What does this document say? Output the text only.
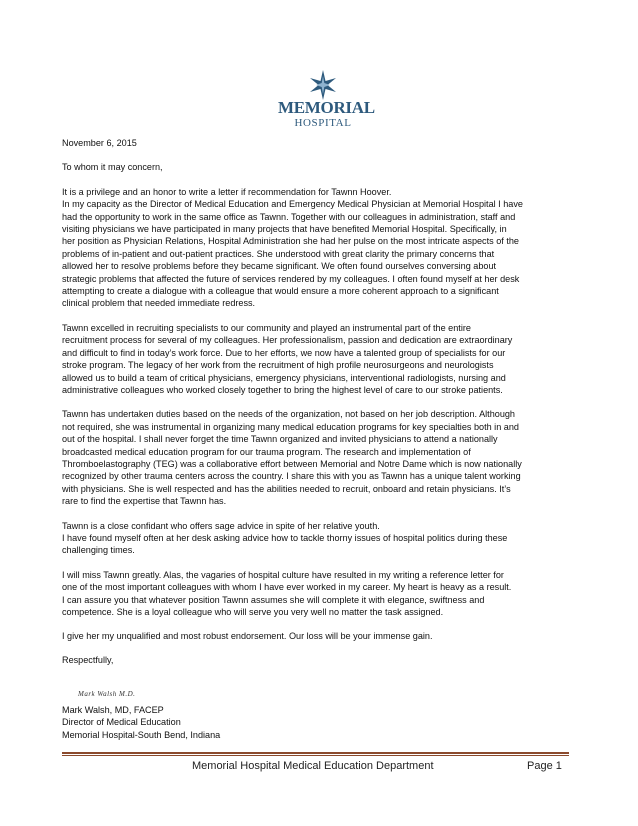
MEMORIAL
HOSPITAL
November 6, 2015
To whom it may concern,
It is a privilege and an honor to write a letter if recommendation for Tawnn Hoover.
In my capacity as the Director of Medical Education and Emergency Medical Physician at Memorial Hospital I have
had the opportunity to work in the same office as Tawnn. Together with our colleagues in administration, staff and
visiting physicians we have participated in many projects that have benefited Memorial Hospital. Specifically, in
her position as Physician Relations, Hospital Administration she had her pulse on the most intricate aspects of the
problems of in-patient and out-patient practices. She understood with great clarity the primary concerns that
allowed her to resolve problems before they became significant. We often found ourselves conversing about
strategic problems that affected the future of services rendered by my colleagues. I often found myself at her desk
attempting to create a dialogue with a colleague that would ensure a more coherent approach to a significant
clinical problem that needed immediate redress.
Tawnn excelled in recruiting specialists to our community and played an instrumental part of the entire
recruitment process for several of my colleagues. Her professionalism, passion and dedication are extraordinary
and difficult to find in today’s work force. Due to her efforts, we now have a talented group of specialists for our
stroke program. The legacy of her work from the recruitment of high profile neurosurgeons and neurologists
allowed us to build a team of critical physicians, emergency physicians, interventional radiologists, nursing and
administrative colleagues who worked closely together to bring the highest level of care to our stroke patients.
Tawnn has undertaken duties based on the needs of the organization, not based on her job description. Although
not required, she was instrumental in organizing many medical education programs for key specialties both in and
out of the hospital. I shall never forget the time Tawnn organized and invited physicians to attend a nationally
broadcasted medical education program for our trauma program. The research and implementation of
Thromboelastography (TEG) was a collaborative effort between Memorial and Notre Dame which is now nationally
recognized by other trauma centers across the country. I share this with you as Tawnn has a unique talent working
with physicians. She is well respected and has the abilities needed to recruit, onboard and retain physicians. It’s
rare to find the expertise that Tawnn has.
Tawnn is a close confidant who offers sage advice in spite of her relative youth.
I have found myself often at her desk asking advice how to tackle thorny issues of hospital politics during these
challenging times.
I will miss Tawnn greatly. Alas, the vagaries of hospital culture have resulted in my writing a reference letter for
one of the most important colleagues with whom I have ever worked in my career. My heart is heavy as a result.
I can assure you that whatever position Tawnn assumes she will complete it with elegance, swiftness and
competence. She is a loyal colleague who will serve you very well no matter the task assigned.
I give her my unqualified and most robust endorsement. Our loss will be your immense gain.
Respectfully,
Mark Walsh M.D.
Mark Walsh, MD, FACEP
Director of Medical Education
Memorial Hospital-South Bend, Indiana
Memorial Hospital Medical Education Department	Page 1
